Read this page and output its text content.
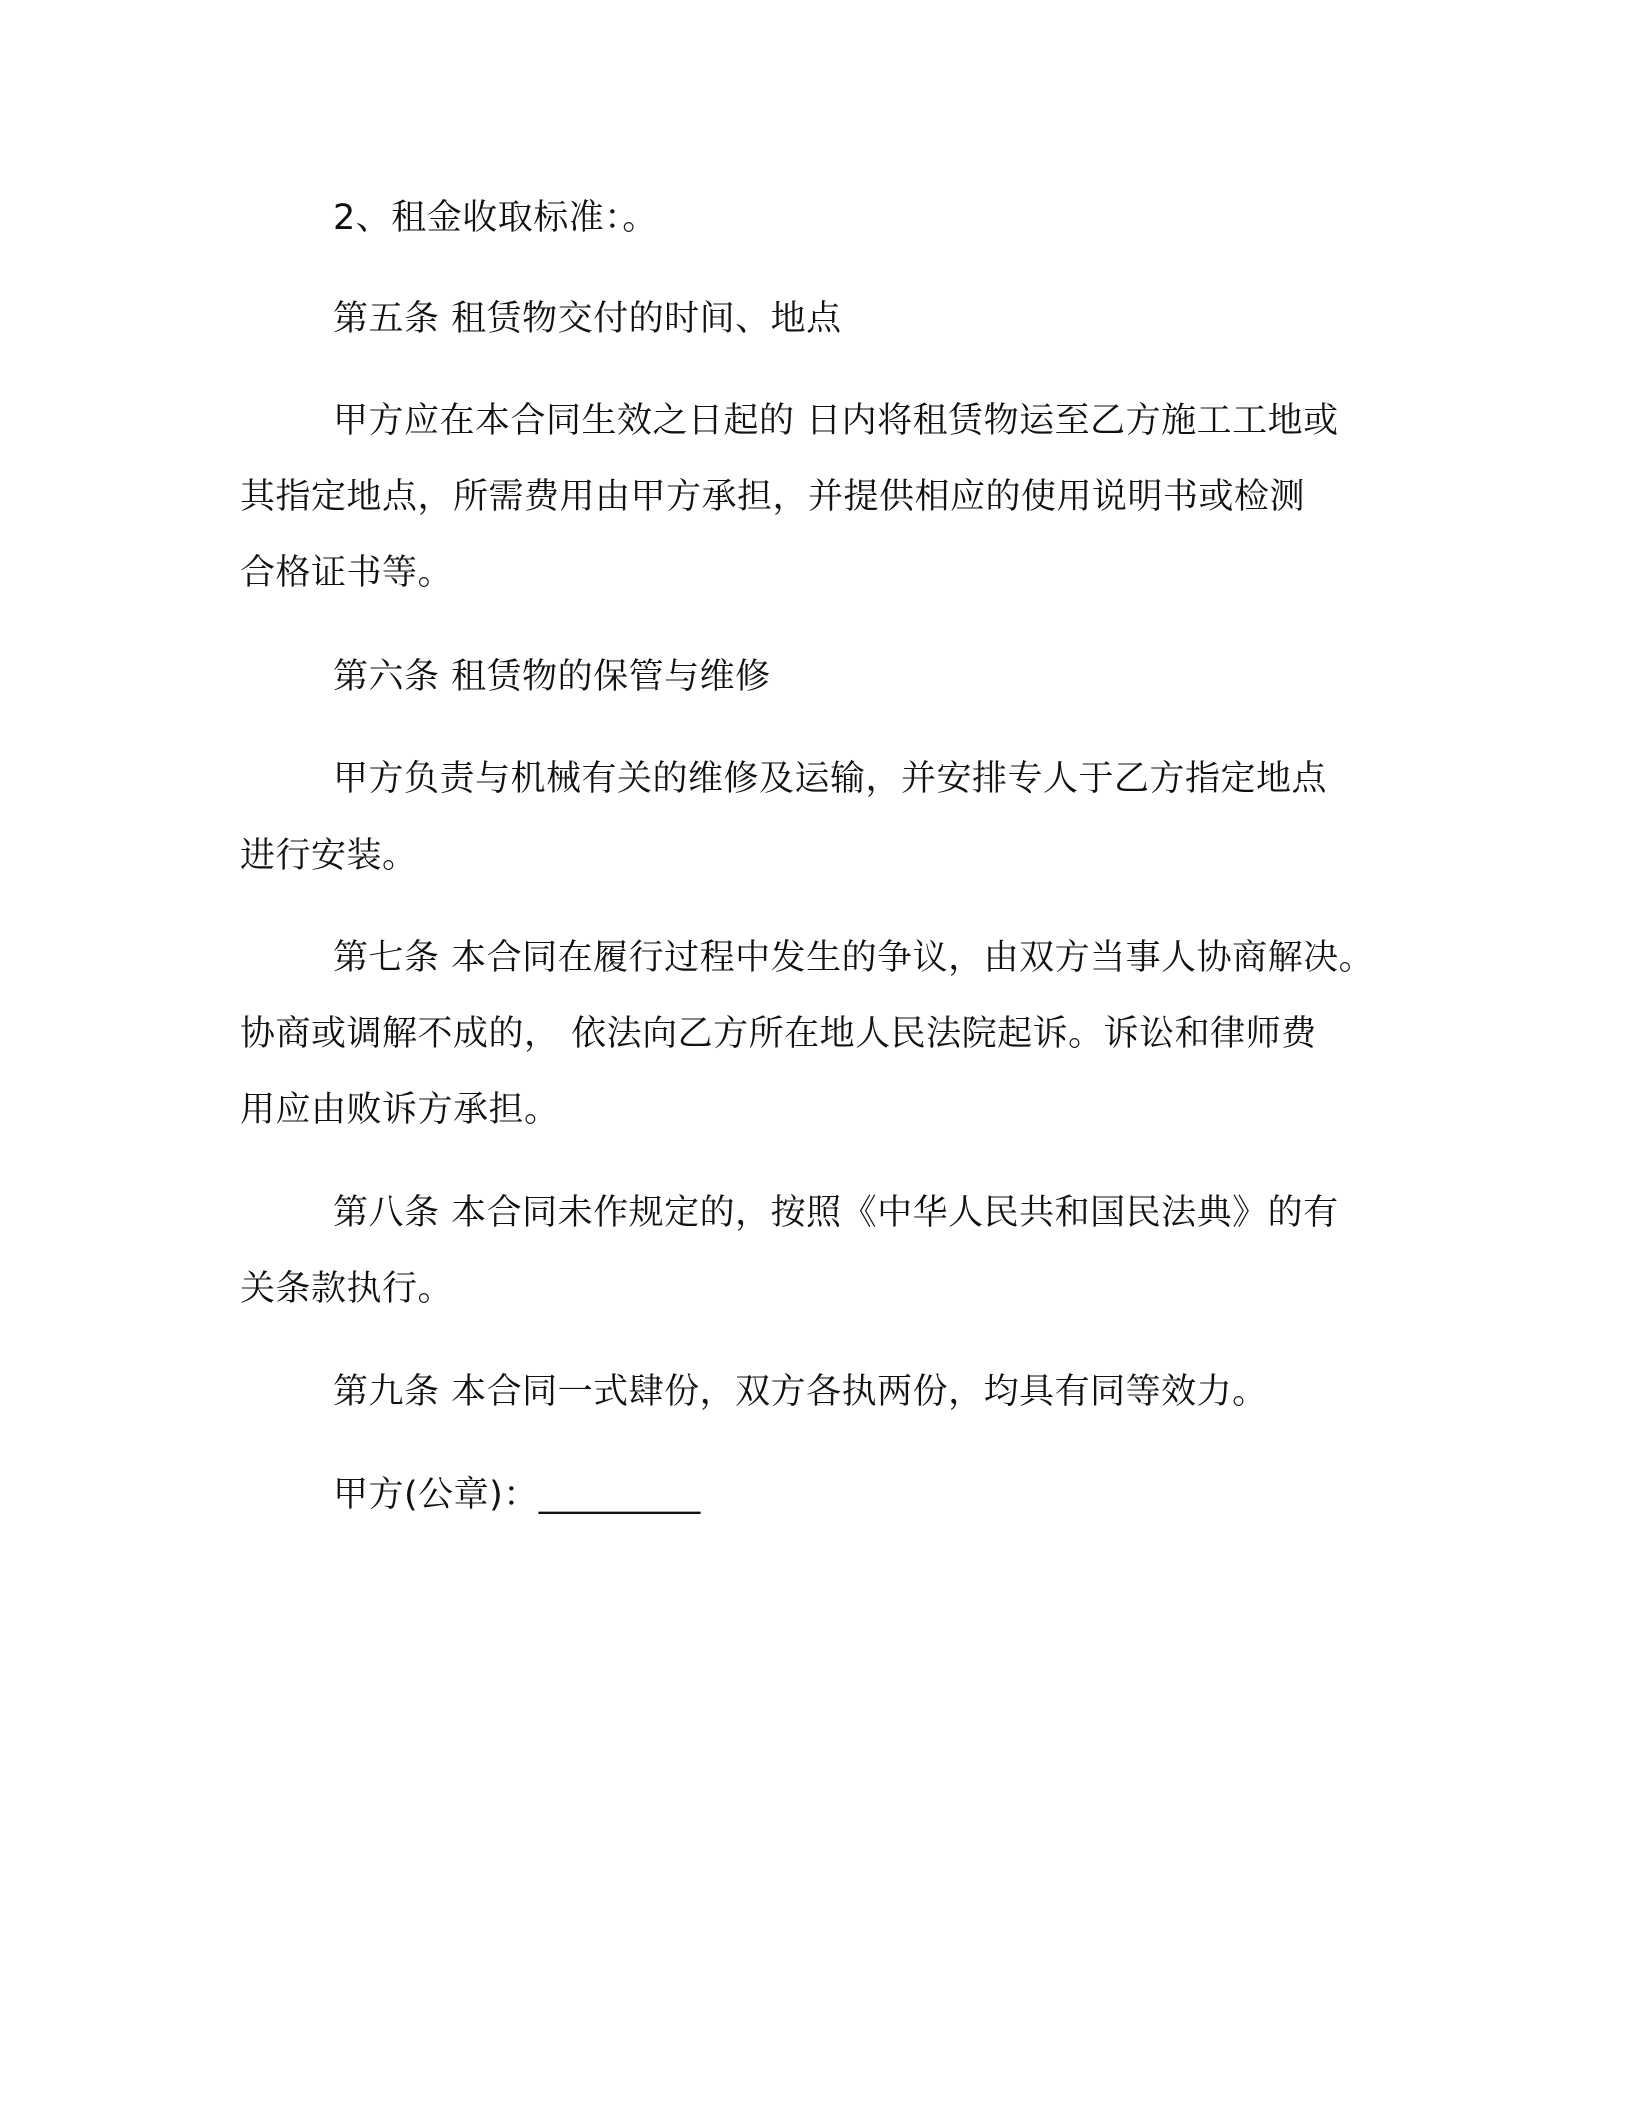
2、租金收取标准：。
第五条 租赁物交付的时间、地点
甲方应在本合同生效之日起的 日内将租赁物运至乙方施工工地或
其指定地点，所需费用由甲方承担，并提供相应的使用说明书或检测
合格证书等。
第六条 租赁物的保管与维修
甲方负责与机械有关的维修及运输，并安排专人于乙方指定地点
进行安装。
第七条 本合同在履行过程中发生的争议，由双方当事人协商解决。
协商或调解不成的， 依法向乙方所在地人民法院起诉。诉讼和律师费
用应由败诉方承担。
第八条 本合同未作规定的，按照《中华人民共和国民法典》的有
关条款执行。
第九条 本合同一式肆份，双方各执两份，均具有同等效力。
甲方(公章)：_________
